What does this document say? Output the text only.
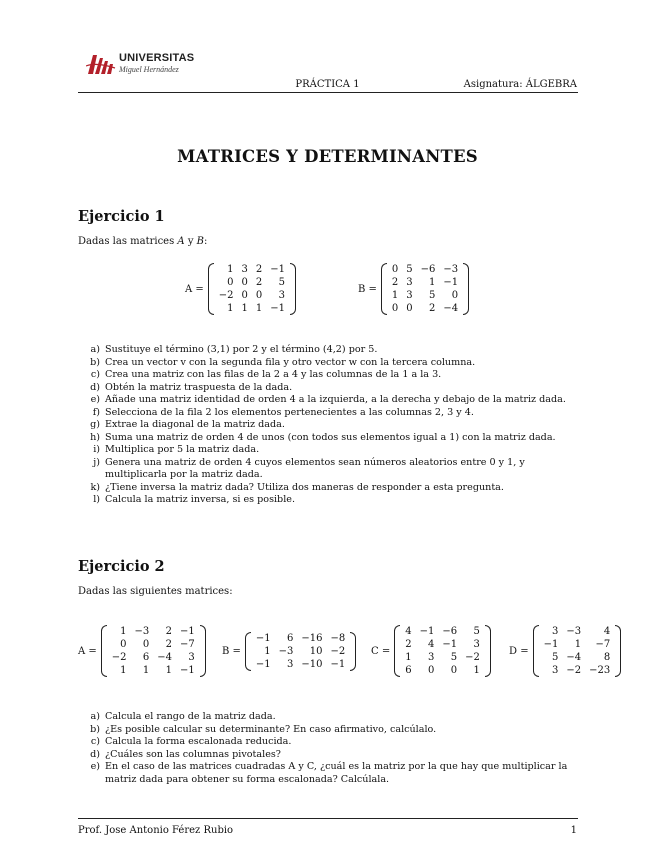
UNIVERSITAS
Miguel Hernández
PRÁCTICA 1	Asignatura: ÁLGEBRA
MATRICES Y DETERMINANTES
Ejercicio 1
Dadas las matrices A y B:
A =
1	3	2	−1
0	0	2	5
−2	0	0	3
1	1	1	−1
B =
0	5	−6	−3
2	3	1	−1
1	3	5	0
0	0	2	−4
a) Sustituye el término (3,1) por 2 y el término (4,2) por 5.
b) Crea un vector v con la segunda fila y otro vector w con la tercera columna.
c) Crea una matriz con las filas de la 2 a 4 y las columnas de la 1 a la 3.
d) Obtén la matriz traspuesta de la dada.
e) Añade una matriz identidad de orden 4 a la izquierda, a la derecha y debajo de la matriz dada.
f) Selecciona de la fila 2 los elementos pertenecientes a las columnas 2, 3 y 4.
g) Extrae la diagonal de la matriz dada.
h) Suma una matriz de orden 4 de unos (con todos sus elementos igual a 1) con la matriz dada.
i) Multiplica por 5 la matriz dada.
j) Genera una matriz de orden 4 cuyos elementos sean números aleatorios entre 0 y 1, y multiplicarla por la matriz dada.
k) ¿Tiene inversa la matriz dada? Utiliza dos maneras de responder a esta pregunta.
l) Calcula la matriz inversa, si es posible.
Ejercicio 2
Dadas las siguientes matrices:
A =
1	−3	2	−1
0	0	2	−7
−2	6	−4	3
1	1	1	−1
B =
−1	6	−16	−8
1	−3	10	−2
−1	3	−10	−1
C =
4	−1	−6	5
2	4	−1	3
1	3	5	−2
6	0	0	1
D =
3	−3	4
−1	1	−7
5	−4	8
3	−2	−23
a) Calcula el rango de la matriz dada.
b) ¿Es posible calcular su determinante? En caso afirmativo, calcúlalo.
c) Calcula la forma escalonada reducida.
d) ¿Cuáles son las columnas pivotales?
e) En el caso de las matrices cuadradas A y C, ¿cuál es la matriz por la que hay que multiplicar la matriz dada para obtener su forma escalonada? Calcúlala.
Prof. Jose Antonio Férez Rubio	1
